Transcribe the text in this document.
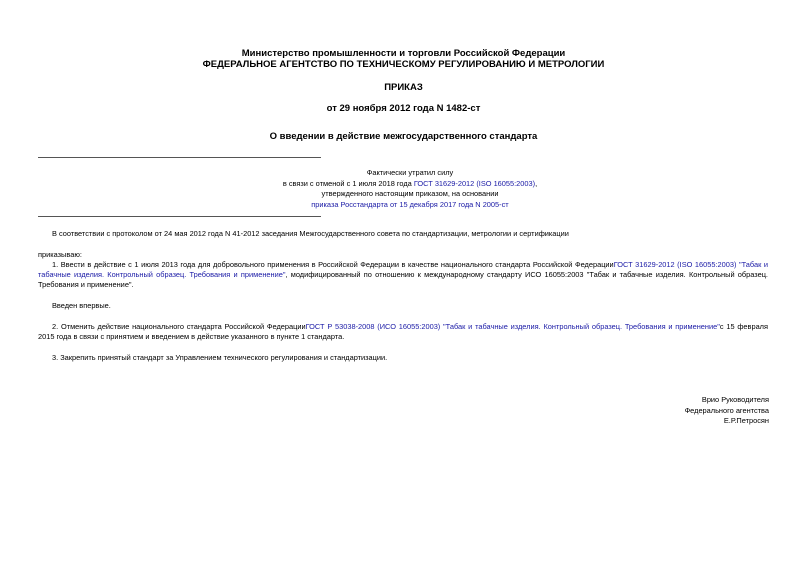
Министерство промышленности и торговли Российской Федерации
ФЕДЕРАЛЬНОЕ АГЕНТСТВО ПО ТЕХНИЧЕСКОМУ РЕГУЛИРОВАНИЮ И МЕТРОЛОГИИ
ПРИКАЗ
от 29 ноября 2012 года N 1482-ст
О введении в действие межгосударственного стандарта
Фактически утратил силу
в связи с отменой с 1 июля 2018 года ГОСТ 31629-2012 (ISO 16055:2003),
утвержденного настоящим приказом, на основании
приказа Росстандарта от 15 декабря 2017 года N 2005-ст
В соответствии с протоколом от 24 мая 2012 года N 41-2012 заседания Межгосударственного совета по стандартизации, метрологии и сертификации
приказываю:
1. Ввести в действие с 1 июля 2013 года для добровольного применения в Российской Федерации в качестве национального стандарта Российской ФедерацииГОСТ 31629-2012 (ISO 16055:2003) "Табак и табачные изделия. Контрольный образец. Требования и применение", модифицированный по отношению к международному стандарту ИСО 16055:2003 "Табак и табачные изделия. Контрольный образец. Требования и применение".
Введен впервые.
2. Отменить действие национального стандарта Российской ФедерацииГОСТ Р 53038-2008 (ИСО 16055:2003) "Табак и табачные изделия. Контрольный образец. Требования и применение"с 15 февраля 2015 года в связи с принятием и введением в действие указанного в пункте 1 стандарта.
3. Закрепить принятый стандарт за Управлением технического регулирования и стандартизации.
Врио Руководителя
Федерального агентства
Е.Р.Петросян
